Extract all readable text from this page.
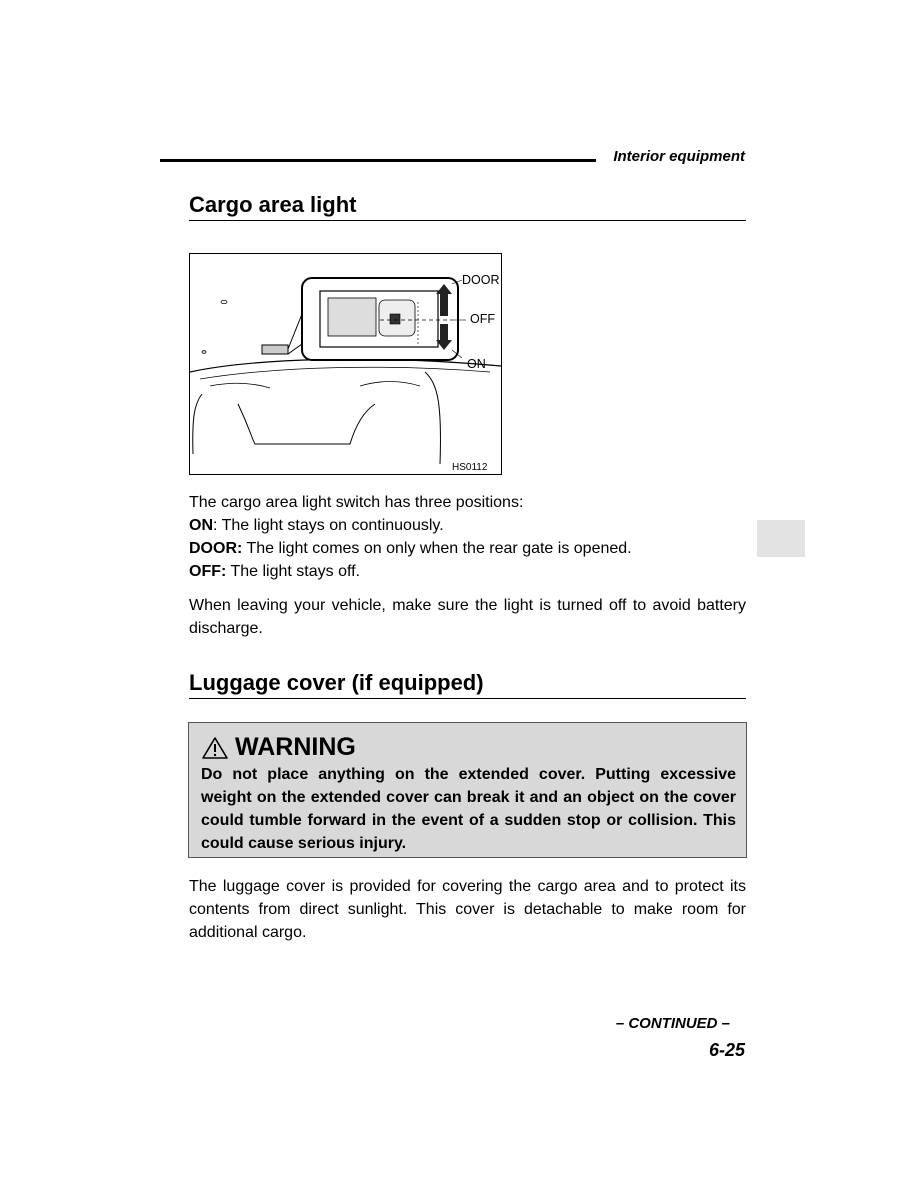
Interior equipment
Cargo area light
DOOR
OFF
ON
HS0112
The cargo area light switch has three positions:
ON: The light stays on continuously.
DOOR: The light comes on only when the rear gate is opened.
OFF: The light stays off.
When leaving your vehicle, make sure the light is turned off to avoid battery discharge.
Luggage cover (if equipped)
WARNING
Do not place anything on the extended cover. Putting excessive weight on the extended cover can break it and an object on the cover could tumble forward in the event of a sudden stop or collision. This could cause serious injury.
The luggage cover is provided for covering the cargo area and to protect its contents from direct sunlight. This cover is detachable to make room for additional cargo.
– CONTINUED –
6-25
